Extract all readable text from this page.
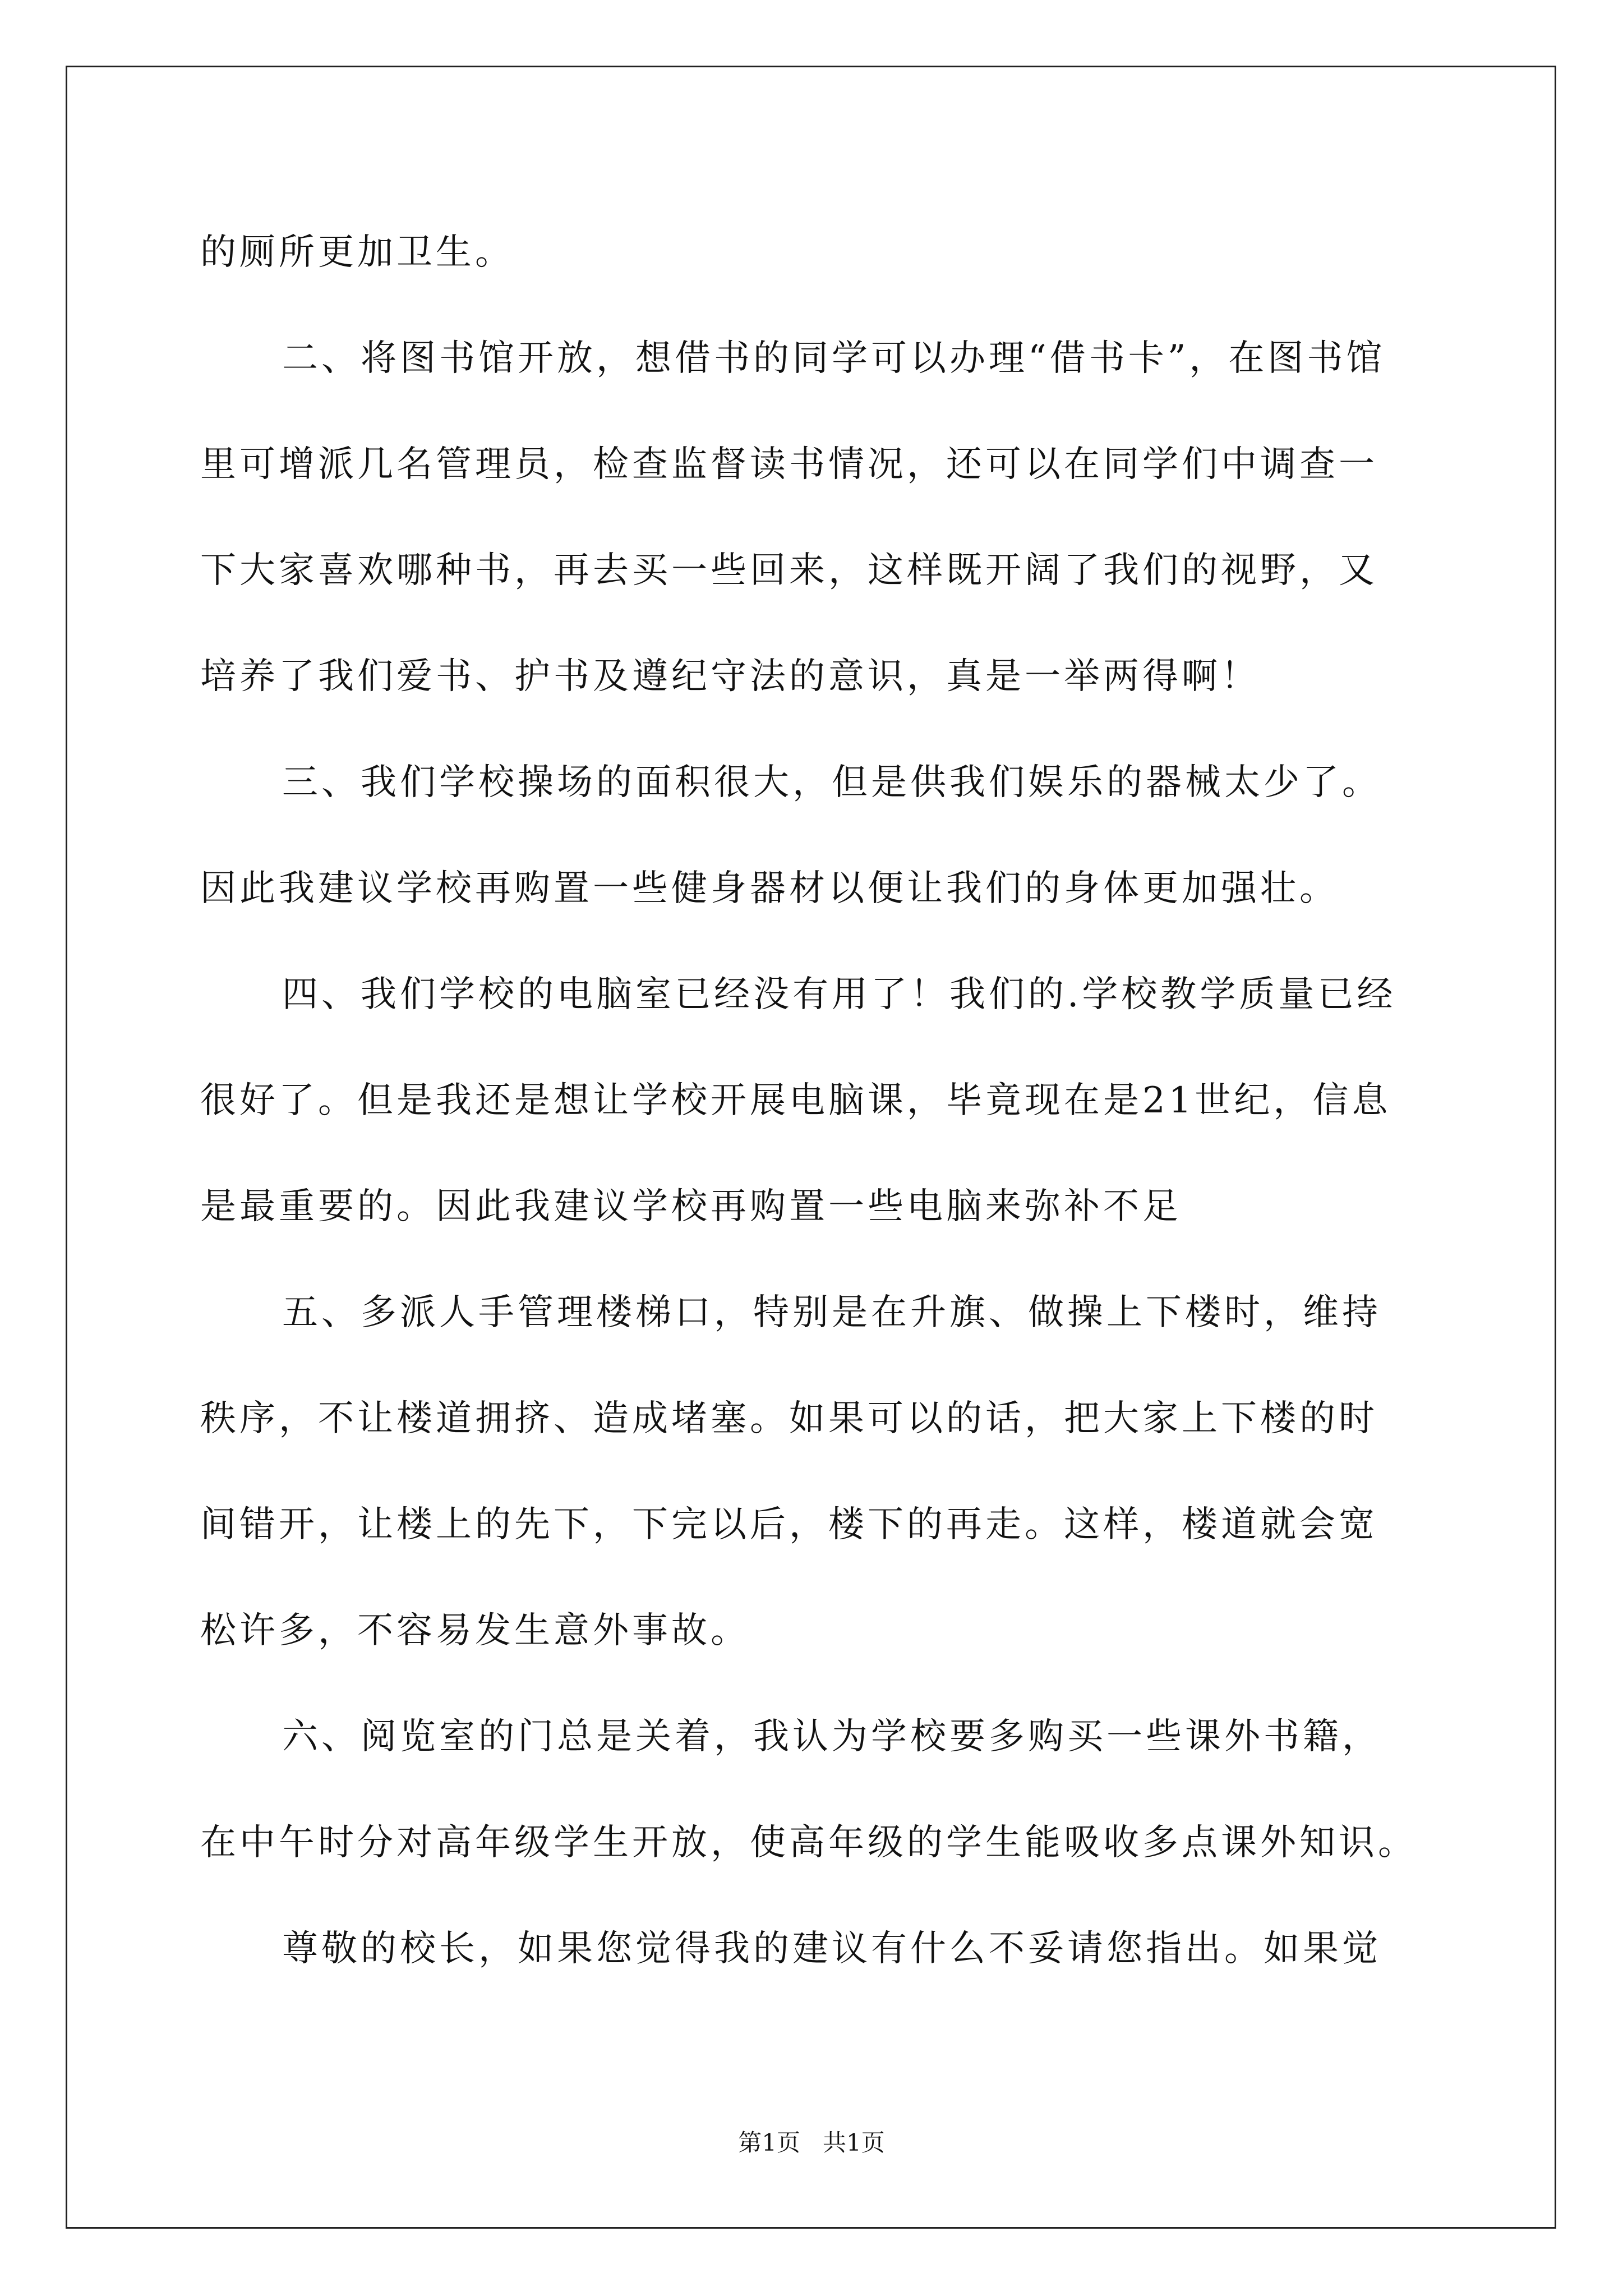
的厕所更加卫生。
二、将图书馆开放，想借书的同学可以办理“借书卡”，在图书馆
里可增派几名管理员，检查监督读书情况，还可以在同学们中调查一
下大家喜欢哪种书，再去买一些回来，这样既开阔了我们的视野，又
培养了我们爱书、护书及遵纪守法的意识，真是一举两得啊！
三、我们学校操场的面积很大，但是供我们娱乐的器械太少了。
因此我建议学校再购置一些健身器材以便让我们的身体更加强壮。
四、我们学校的电脑室已经没有用了！我们的.学校教学质量已经
很好了。但是我还是想让学校开展电脑课，毕竟现在是21世纪，信息
是最重要的。因此我建议学校再购置一些电脑来弥补不足
五、多派人手管理楼梯口，特别是在升旗、做操上下楼时，维持
秩序，不让楼道拥挤、造成堵塞。如果可以的话，把大家上下楼的时
间错开，让楼上的先下，下完以后，楼下的再走。这样，楼道就会宽
松许多，不容易发生意外事故。
六、阅览室的门总是关着，我认为学校要多购买一些课外书籍，
在中午时分对高年级学生开放，使高年级的学生能吸收多点课外知识。
尊敬的校长，如果您觉得我的建议有什么不妥请您指出。如果觉
第1页 共1页
